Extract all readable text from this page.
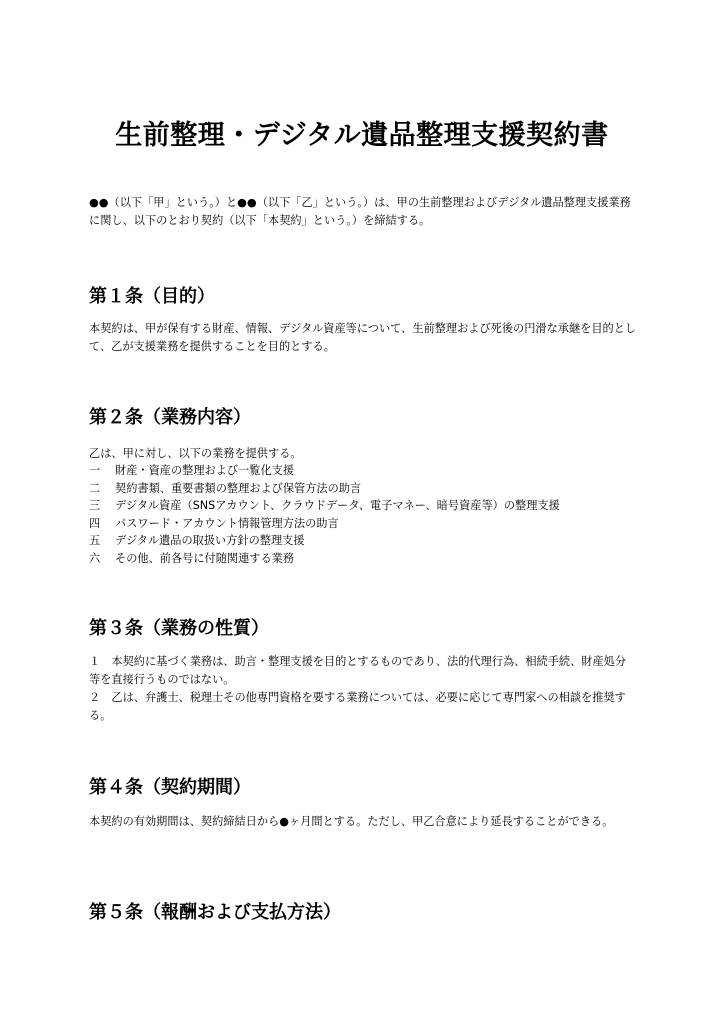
生前整理・デジタル遺品整理支援契約書

●●（以下「甲」という。）と●●（以下「乙」という。）は、甲の生前整理およびデジタル遺品整理支援業務に関し、以下のとおり契約（以下「本契約」という。）を締結する。

第１条（目的）

本契約は、甲が保有する財産、情報、デジタル資産等について、生前整理および死後の円滑な承継を目的として、乙が支援業務を提供することを目的とする。

第２条（業務内容）

乙は、甲に対し、以下の業務を提供する。

一	財産・資産の整理および一覧化支援
二	契約書類、重要書類の整理および保管方法の助言
三	デジタル資産（SNSアカウント、クラウドデータ、電子マネー、暗号資産等）の整理支援
四	パスワード・アカウント情報管理方法の助言
五	デジタル遺品の取扱い方針の整理支援
六	その他、前各号に付随関連する業務
第３条（業務の性質）

１　本契約に基づく業務は、助言・整理支援を目的とするものであり、法的代理行為、相続手続、財産処分等を直接行うものではない。

２　乙は、弁護士、税理士その他専門資格を要する業務については、必要に応じて専門家への相談を推奨する。

第４条（契約期間）

本契約の有効期間は、契約締結日から●ヶ月間とする。ただし、甲乙合意により延長することができる。

第５条（報酬および支払方法）
